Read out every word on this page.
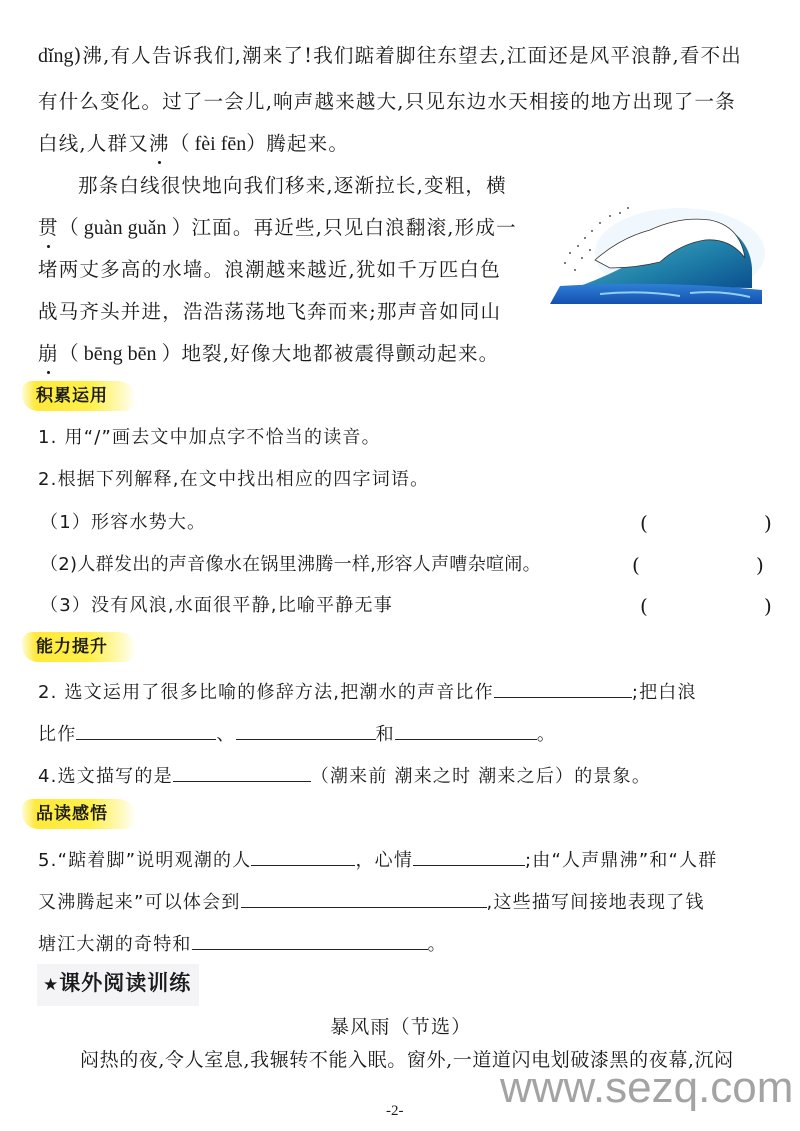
dǐng)沸,有人告诉我们,潮来了!我们踮着脚往东望去,江面还是风平浪静,看不出
有什么变化。过了一会儿,响声越来越大,只见东边水天相接的地方出现了一条
白线,人群又沸（ fèi fēn）腾起来。
那条白线很快地向我们移来,逐渐拉长,变粗，横
贯（ guàn guǎn ）江面。再近些,只见白浪翻滚,形成一
堵两丈多高的水墙。浪潮越来越近,犹如千万匹白色
战马齐头并进，浩浩荡荡地飞奔而来;那声音如同山
崩（ bēng bēn ）地裂,好像大地都被震得颤动起来。
积累运用
1. 用“/”画去文中加点字不恰当的读音。
2.根据下列解释,在文中找出相应的四字词语。
（1）形容水势大。	(	)
（2)人群发出的声音像水在锅里沸腾一样,形容人声嘈杂喧闹。	(	)
（3）没有风浪,水面很平静,比喻平静无事	(	)
能力提升
2. 选文运用了很多比喻的修辞方法,把潮水的声音比作	;把白浪
比作	、	和	。
4.选文描写的是	（潮来前 潮来之时 潮来之后）的景象。
品读感悟
5.“踮着脚”说明观潮的人	，心情	;由“人声鼎沸”和“人群
又沸腾起来”可以体会到	,这些描写间接地表现了钱
塘江大潮的奇特和	。
★课外阅读训练
暴风雨（节选）
闷热的夜,令人室息,我辗转不能入眠。窗外,一道道闪电划破漆黑的夜幕,沉闷
www.sezq.com
-2-
